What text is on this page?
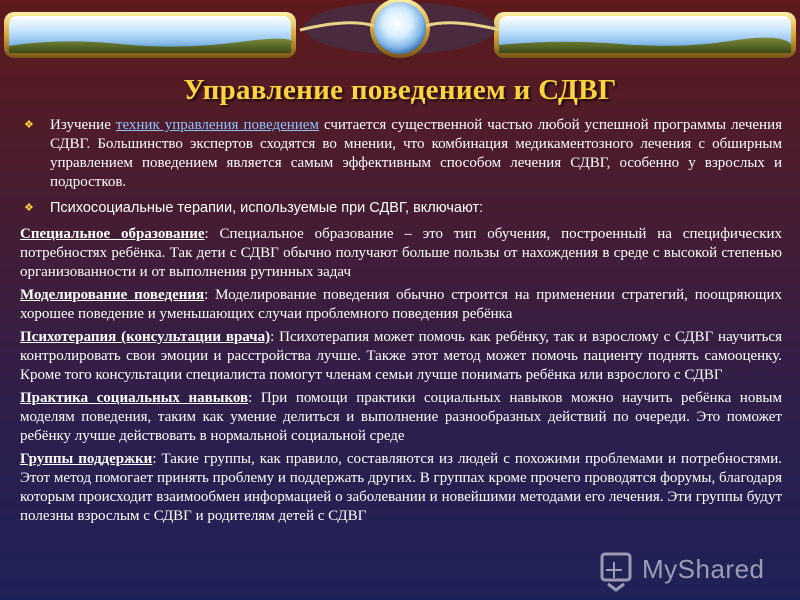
Управление поведением и СДВГ
❖ Изучение техник управления поведением считается существенной частью любой успешной программы лечения СДВГ. Большинство экспертов сходятся во мнении, что комбинация медикаментозного лечения с обширным управлением поведением является самым эффективным способом лечения СДВГ, особенно у взрослых и подростков.
❖ Психосоциальные терапии, используемые при СДВГ, включают:
Специальное образование: Специальное образование – это тип обучения, построенный на специфических потребностях ребёнка. Так дети с СДВГ обычно получают больше пользы от нахождения в среде с высокой степенью организованности и от выполнения рутинных задач
Моделирование поведения: Моделирование поведения обычно строится на применении стратегий, поощряющих хорошее поведение и уменьшающих случаи проблемного поведения ребёнка
Психотерапия (консультации врача): Психотерапия может помочь как ребёнку, так и взрослому с СДВГ научиться контролировать свои эмоции и расстройства лучше. Также этот метод может помочь пациенту поднять самооценку. Кроме того консультации специалиста помогут членам семьи лучше понимать ребёнка или взрослого с СДВГ
Практика социальных навыков: При помощи практики социальных навыков можно научить ребёнка новым моделям поведения, таким как умение делиться и выполнение разнообразных действий по очереди. Это поможет ребёнку лучше действовать в нормальной социальной среде
Группы поддержки: Такие группы, как правило, составляются из людей с похожими проблемами и потребностями. Этот метод помогает принять проблему и поддержать других. В группах кроме прочего проводятся форумы, благодаря которым происходит взаимообмен информацией о заболевании и новейшими методами его лечения. Эти группы будут полезны взрослым с СДВГ и родителям детей с СДВГ
MyShared
